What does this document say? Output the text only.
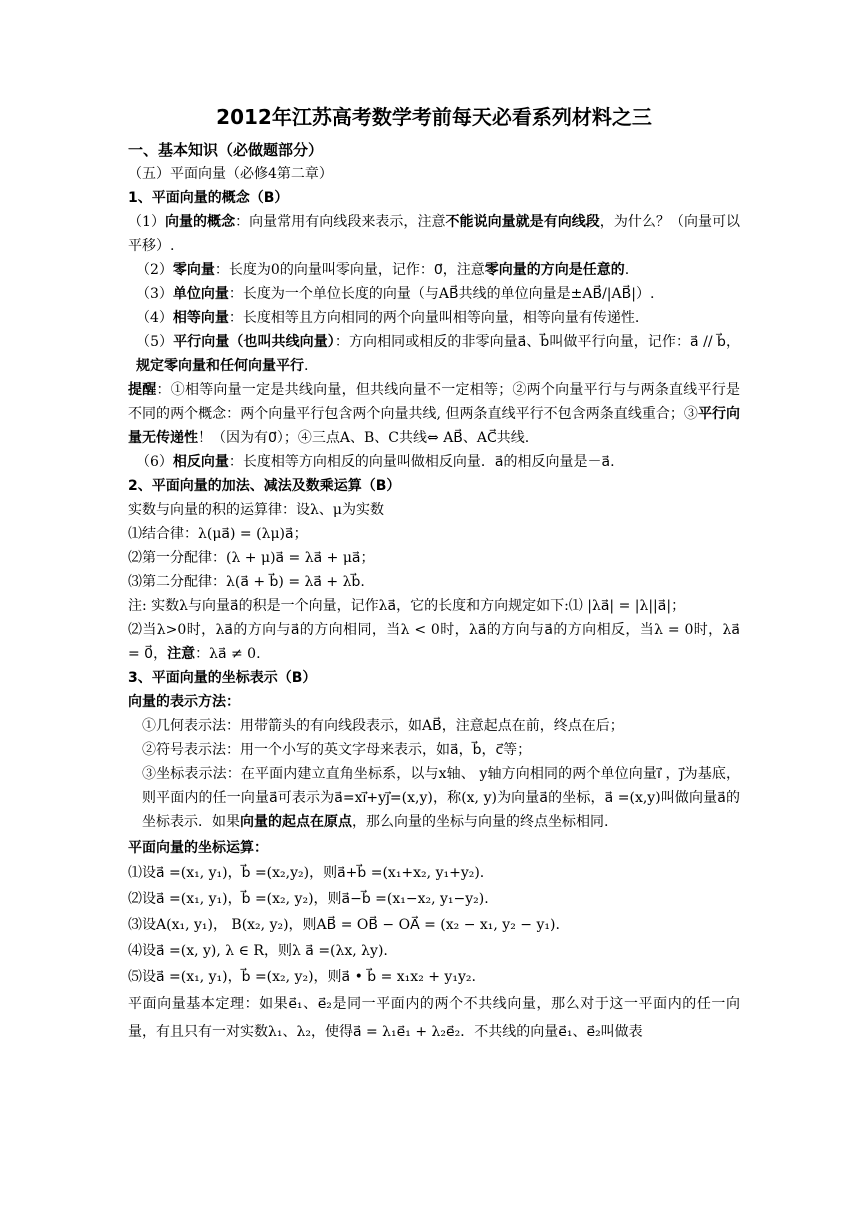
2012年江苏高考数学考前每天必看系列材料之三
一、基本知识（必做题部分）
（五）平面向量（必修4第二章）
1、平面向量的概念（B）
（1）向量的概念：向量常用有向线段来表示，注意不能说向量就是有向线段，为什么？（向量可以平移）.
（2）零向量：长度为0的向量叫零向量，记作：0⃗，注意零向量的方向是任意的.
（3）单位向量：长度为一个单位长度的向量（与AB⃗共线的单位向量是±AB⃗/|AB⃗|）.
（4）相等向量：长度相等且方向相同的两个向量叫相等向量，相等向量有传递性.
（5）平行向量（也叫共线向量）：方向相同或相反的非零向量a⃗、b⃗叫做平行向量，记作：a⃗ // b⃗，规定零向量和任何向量平行.
提醒：①相等向量一定是共线向量，但共线向量不一定相等；②两个向量平行与与两条直线平行是不同的两个概念：两个向量平行包含两个向量共线, 但两条直线平行不包含两条直线重合；③平行向量无传递性！（因为有0⃗）；④三点A、B、C共线⇔ AB⃗、AC⃗共线.
（6）相反向量：长度相等方向相反的向量叫做相反向量．a⃗的相反向量是－a⃗.
2、平面向量的加法、减法及数乘运算（B）
实数与向量的积的运算律：设λ、μ为实数
⑴结合律：λ(μa⃗) = (λμ)a⃗；
⑵第一分配律：(λ + μ)a⃗ = λa⃗ + μa⃗；
⑶第二分配律：λ(a⃗ + b⃗) = λa⃗ + λb⃗.
注: 实数λ与向量a⃗的积是一个向量，记作λa⃗，它的长度和方向规定如下:⑴ |λa⃗| = |λ||a⃗|；
⑵当λ>0时，λa⃗的方向与a⃗的方向相同，当λ < 0时，λa⃗的方向与a⃗的方向相反，当λ = 0时，λa⃗ = 0⃗，注意：λa⃗ ≠ 0.
3、平面向量的坐标表示（B）
向量的表示方法：
①几何表示法：用带箭头的有向线段表示，如AB⃗，注意起点在前，终点在后；
②符号表示法：用一个小写的英文字母来表示，如a⃗，b⃗，c⃗等；
③坐标表示法：在平面内建立直角坐标系，以与x轴、 y轴方向相同的两个单位向量i⃗ ，j⃗为基底，则平面内的任一向量a⃗可表示为a⃗=xi⃗+yj⃗=(x,y)，称(x, y)为向量a⃗的坐标，a⃗ =(x,y)叫做向量a⃗的坐标表示．如果向量的起点在原点，那么向量的坐标与向量的终点坐标相同.
平面向量的坐标运算：
⑴设a⃗ =(x₁, y₁)，b⃗ =(x₂,y₂)，则a⃗+b⃗ =(x₁+x₂, y₁+y₂).
⑵设a⃗ =(x₁, y₁)，b⃗ =(x₂, y₂)，则a⃗−b⃗ =(x₁−x₂, y₁−y₂).
⑶设A(x₁, y₁)， B(x₂, y₂)，则AB⃗ = OB⃗ − OA⃗ = (x₂ − x₁, y₂ − y₁).
⑷设a⃗ =(x, y), λ ∈ R，则λ a⃗ =(λx, λy).
⑸设a⃗ =(x₁, y₁)，b⃗ =(x₂, y₂)，则a⃗ • b⃗ = x₁x₂ + y₁y₂.
平面向量基本定理：如果e⃗₁、e⃗₂是同一平面内的两个不共线向量，那么对于这一平面内的任一向量，有且只有一对实数λ₁、λ₂，使得a⃗ = λ₁e⃗₁ + λ₂e⃗₂．不共线的向量e⃗₁、e⃗₂叫做表
